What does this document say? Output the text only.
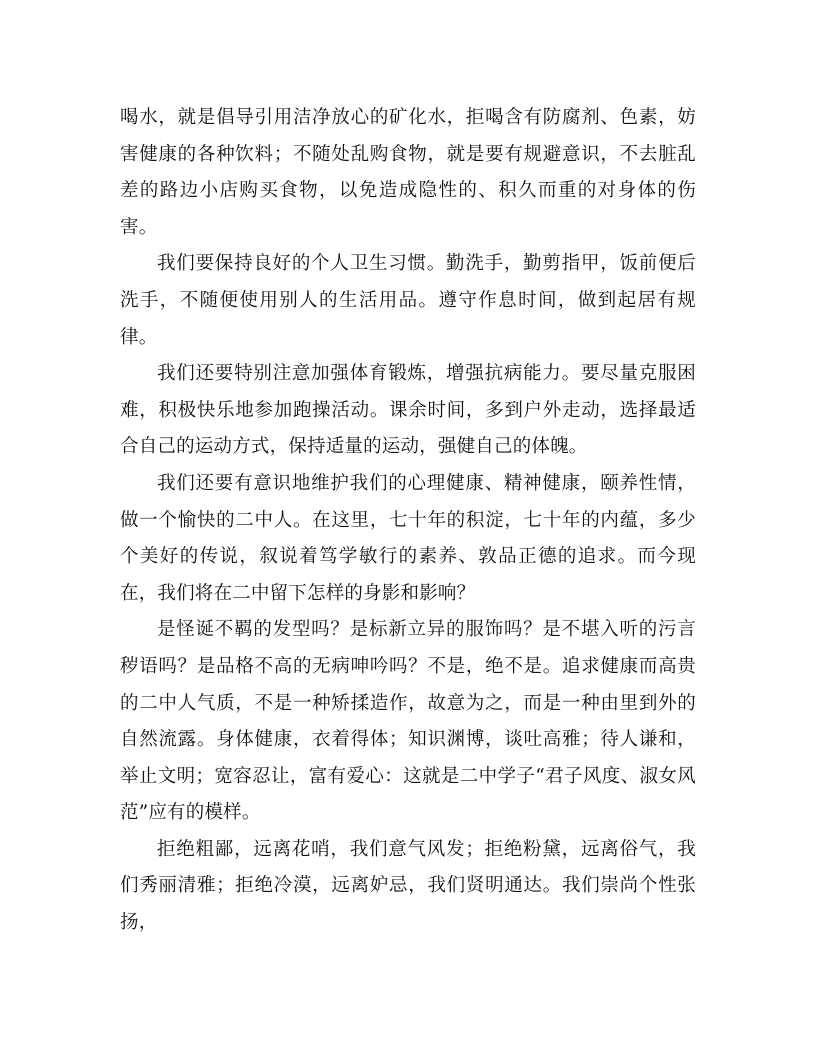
喝水，就是倡导引用洁净放心的矿化水，拒喝含有防腐剂、色素，妨害健康的各种饮料；不随处乱购食物，就是要有规避意识，不去脏乱差的路边小店购买食物，以免造成隐性的、积久而重的对身体的伤害。

我们要保持良好的个人卫生习惯。勤洗手，勤剪指甲，饭前便后洗手，不随便使用别人的生活用品。遵守作息时间，做到起居有规律。

我们还要特别注意加强体育锻炼，增强抗病能力。要尽量克服困难，积极快乐地参加跑操活动。课余时间，多到户外走动，选择最适合自己的运动方式，保持适量的运动，强健自己的体魄。

我们还要有意识地维护我们的心理健康、精神健康，颐养性情，做一个愉快的二中人。在这里，七十年的积淀，七十年的内蕴，多少个美好的传说，叙说着笃学敏行的素养、敦品正德的追求。而今现在，我们将在二中留下怎样的身影和影响？

是怪诞不羁的发型吗？是标新立异的服饰吗？是不堪入听的污言秽语吗？是品格不高的无病呻吟吗？不是，绝不是。追求健康而高贵的二中人气质，不是一种矫揉造作，故意为之，而是一种由里到外的自然流露。身体健康，衣着得体；知识渊博，谈吐高雅；待人谦和，举止文明；宽容忍让，富有爱心：这就是二中学子“君子风度、淑女风范”应有的模样。

拒绝粗鄙，远离花哨，我们意气风发；拒绝粉黛，远离俗气，我们秀丽清雅；拒绝冷漠，远离妒忌，我们贤明通达。我们崇尚个性张扬，
